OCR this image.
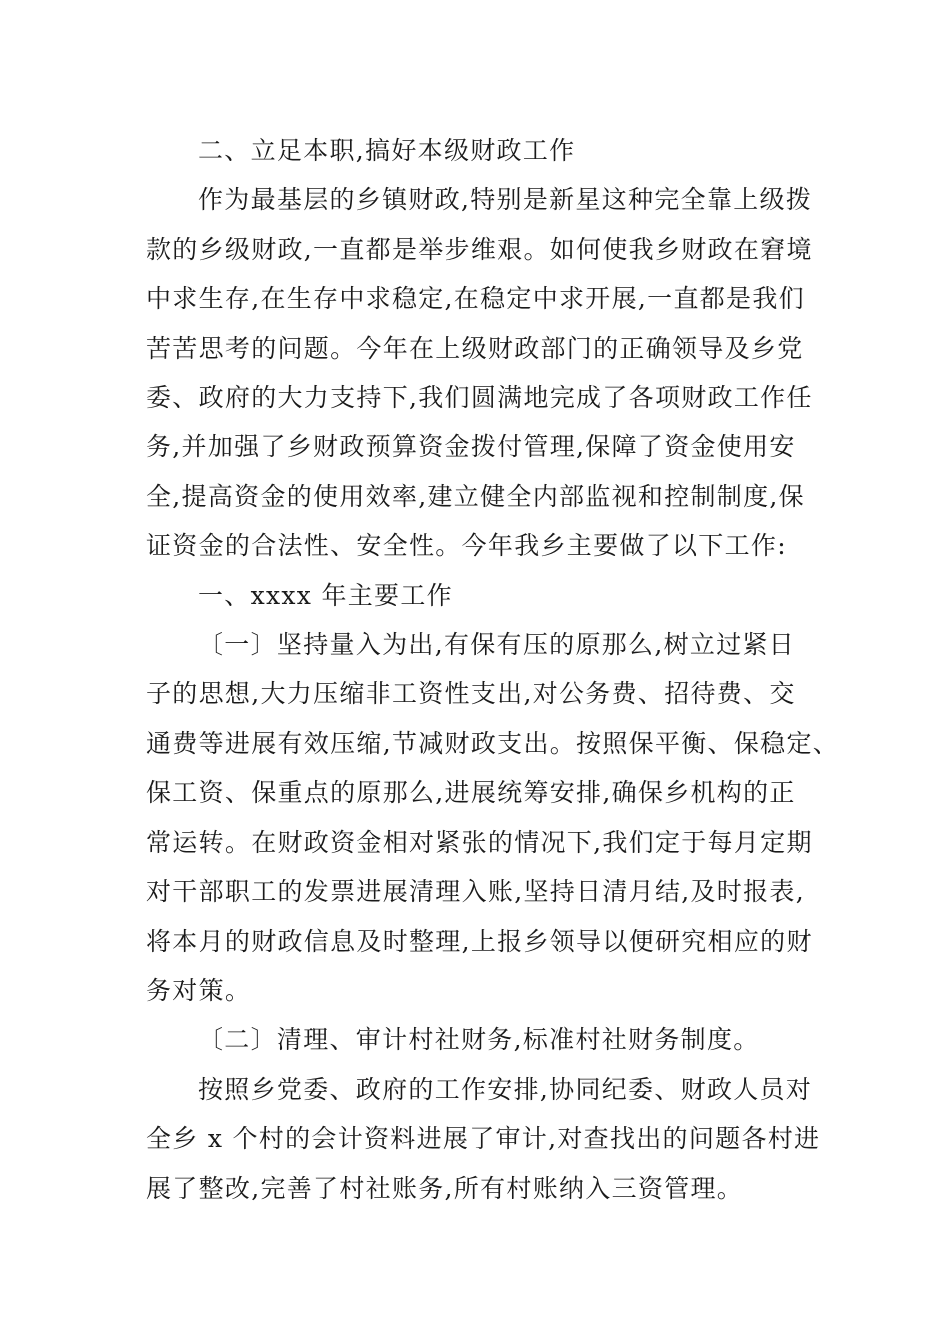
二、立足本职,搞好本级财政工作

作为最基层的乡镇财政,特别是新星这种完全靠上级拨

款的乡级财政,一直都是举步维艰。如何使我乡财政在窘境

中求生存,在生存中求稳定,在稳定中求开展,一直都是我们

苦苦思考的问题。今年在上级财政部门的正确领导及乡党

委、政府的大力支持下,我们圆满地完成了各项财政工作任

务,并加强了乡财政预算资金拨付管理,保障了资金使用安

全,提高资金的使用效率,建立健全内部监视和控制制度,保

证资金的合法性、安全性。今年我乡主要做了以下工作:

一、xxxx 年主要工作

〔一〕坚持量入为出,有保有压的原那么,树立过紧日

子的思想,大力压缩非工资性支出,对公务费、招待费、交

通费等进展有效压缩,节减财政支出。按照保平衡、保稳定、

保工资、保重点的原那么,进展统筹安排,确保乡机构的正

常运转。在财政资金相对紧张的情况下,我们定于每月定期

对干部职工的发票进展清理入账,坚持日清月结,及时报表,

将本月的财政信息及时整理,上报乡领导以便研究相应的财

务对策。

〔二〕清理、审计村社财务,标准村社财务制度。

按照乡党委、政府的工作安排,协同纪委、财政人员对

全乡 x 个村的会计资料进展了审计,对查找出的问题各村进

展了整改,完善了村社账务,所有村账纳入三资管理。
